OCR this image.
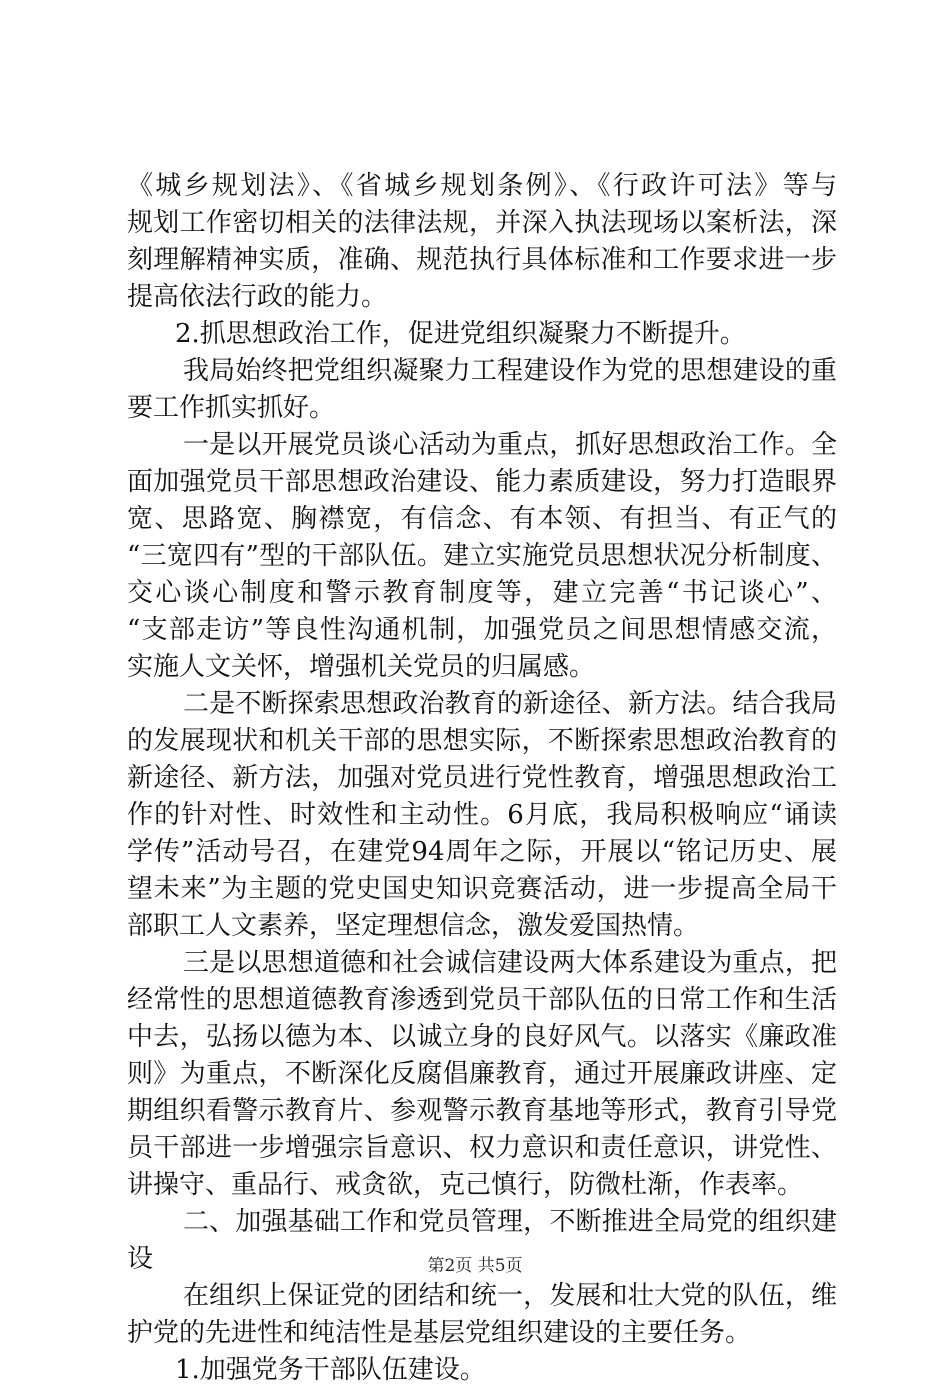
《城乡规划法》、《省城乡规划条例》、《行政许可法》等与
规划工作密切相关的法律法规，并深入执法现场以案析法，深
刻理解精神实质，准确、规范执行具体标准和工作要求进一步
提高依法行政的能力。
2.抓思想政治工作，促进党组织凝聚力不断提升。
我局始终把党组织凝聚力工程建设作为党的思想建设的重
要工作抓实抓好。
一是以开展党员谈心活动为重点，抓好思想政治工作。全
面加强党员干部思想政治建设、能力素质建设，努力打造眼界
宽、思路宽、胸襟宽，有信念、有本领、有担当、有正气的
“三宽四有”型的干部队伍。建立实施党员思想状况分析制度、
交心谈心制度和警示教育制度等，建立完善“书记谈心”、
“支部走访”等良性沟通机制，加强党员之间思想情感交流，
实施人文关怀，增强机关党员的归属感。
二是不断探索思想政治教育的新途径、新方法。结合我局
的发展现状和机关干部的思想实际，不断探索思想政治教育的
新途径、新方法，加强对党员进行党性教育，增强思想政治工
作的针对性、时效性和主动性。6月底，我局积极响应“诵读
学传”活动号召，在建党94周年之际，开展以“铭记历史、展
望未来”为主题的党史国史知识竞赛活动，进一步提高全局干
部职工人文素养，坚定理想信念，激发爱国热情。
三是以思想道德和社会诚信建设两大体系建设为重点，把
经常性的思想道德教育渗透到党员干部队伍的日常工作和生活
中去，弘扬以德为本、以诚立身的良好风气。以落实《廉政准
则》为重点，不断深化反腐倡廉教育，通过开展廉政讲座、定
期组织看警示教育片、参观警示教育基地等形式，教育引导党
员干部进一步增强宗旨意识、权力意识和责任意识，讲党性、
讲操守、重品行、戒贪欲，克己慎行，防微杜渐，作表率。
二、加强基础工作和党员管理，不断推进全局党的组织建
设
在组织上保证党的团结和统一，发展和壮大党的队伍，维
护党的先进性和纯洁性是基层党组织建设的主要任务。
1.加强党务干部队伍建设。
第2页 共5页
